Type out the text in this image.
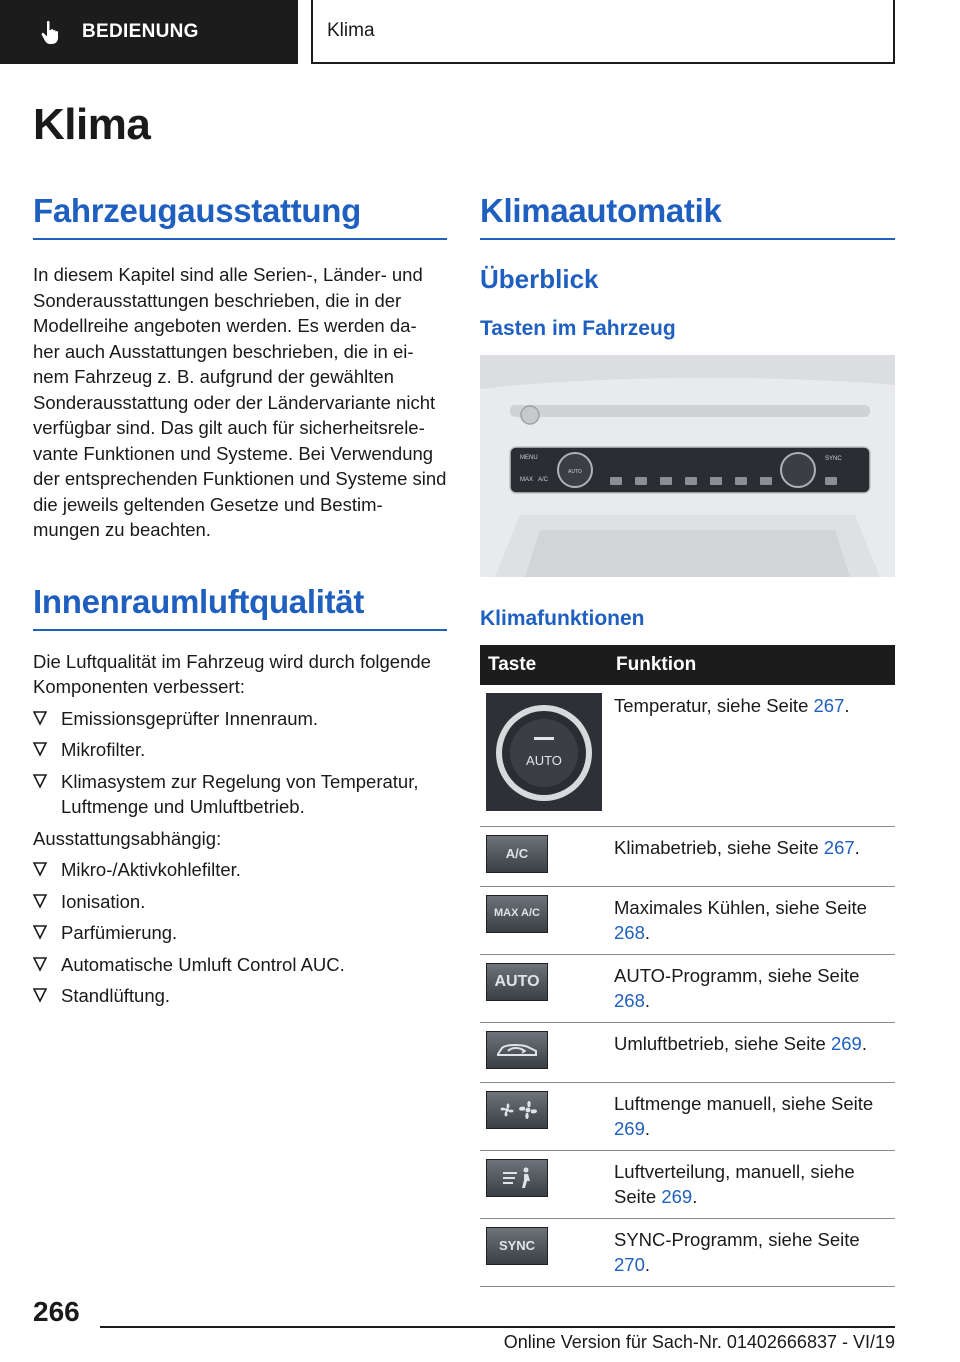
BEDIENUNG	Klima
Klima
Fahrzeugausstattung

In diesem Kapitel sind alle Serien-, Länder- und Sonderausstattungen beschrieben, die in der Modellreihe angeboten werden. Es werden da‐ her auch Ausstattungen beschrieben, die in ei‐ nem Fahrzeug z. B. aufgrund der gewählten Sonderausstattung oder der Ländervariante nicht verfügbar sind. Das gilt auch für sicherheitsrele‐ vante Funktionen und Systeme. Bei Verwendung der entsprechenden Funktionen und Systeme sind die jeweils geltenden Gesetze und Bestim‐ mungen zu beachten.

Innenraumluftqualität

Die Luftqualität im Fahrzeug wird durch folgende Komponenten verbessert:

Emissionsgeprüfter Innenraum.
Mikrofilter.
Klimasystem zur Regelung von Temperatur, Luftmenge und Umluftbetrieb.

Ausstattungsabhängig:

Mikro-/Aktivkohlefilter.
Ionisation.
Parfümierung.
Automatische Umluft Control AUC.
Standlüftung.
Klimaautomatik
Überblick
Tasten im Fahrzeug
MENU
MAX A/C
AUTO
SYNC
Klimafunktionen
Taste	Funktion

AUTO	Temperatur, siehe Seite 267.

A/C	Klimabetrieb, siehe Seite 267.

MAX A/C	Maximales Kühlen, siehe Seite 268.

AUTO	AUTO-Programm, siehe Seite 268.

	Umluftbetrieb, siehe Seite 269.

	Luftmenge manuell, siehe Seite 269.

	Luftverteilung, manuell, siehe Seite 269.

SYNC	SYNC-Programm, siehe Seite 270.
266
Online Version für Sach-Nr. 01402666837 - VI/19
